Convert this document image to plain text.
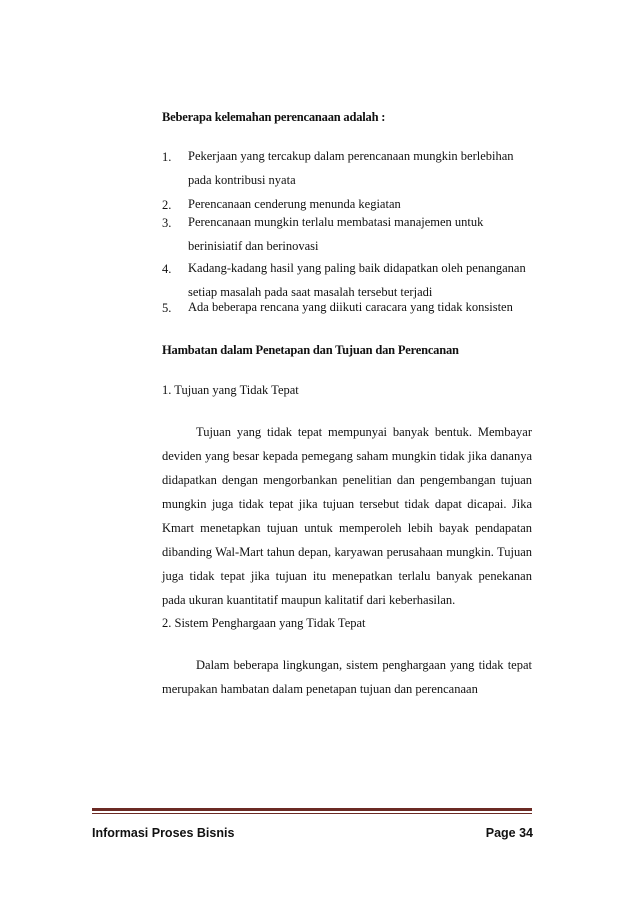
Beberapa kelemahan perencanaan adalah :
1. Pekerjaan yang tercakup dalam perencanaan mungkin berlebihan pada kontribusi nyata
2. Perencanaan cenderung menunda kegiatan
3. Perencanaan mungkin terlalu membatasi manajemen untuk berinisiatif dan berinovasi
4. Kadang-kadang hasil yang paling baik didapatkan oleh penanganan setiap masalah pada saat masalah tersebut terjadi
5. Ada beberapa rencana yang diikuti caracara yang tidak konsisten
Hambatan dalam Penetapan dan Tujuan dan Perencanan
1. Tujuan yang Tidak Tepat
Tujuan yang tidak tepat mempunyai banyak bentuk. Membayar deviden yang besar kepada pemegang saham mungkin tidak jika dananya didapatkan dengan mengorbankan penelitian dan pengembangan tujuan mungkin juga tidak tepat jika tujuan tersebut tidak dapat dicapai. Jika Kmart menetapkan tujuan untuk memperoleh lebih bayak pendapatan dibanding Wal-Mart tahun depan, karyawan perusahaan mungkin. Tujuan juga tidak tepat jika tujuan itu menepatkan terlalu banyak penekanan pada ukuran kuantitatif maupun kalitatif dari keberhasilan.
2. Sistem Penghargaan yang Tidak Tepat
Dalam beberapa lingkungan, sistem penghargaan yang tidak tepat merupakan hambatan dalam penetapan tujuan dan perencanaan
Informasi Proses Bisnis	Page 34
